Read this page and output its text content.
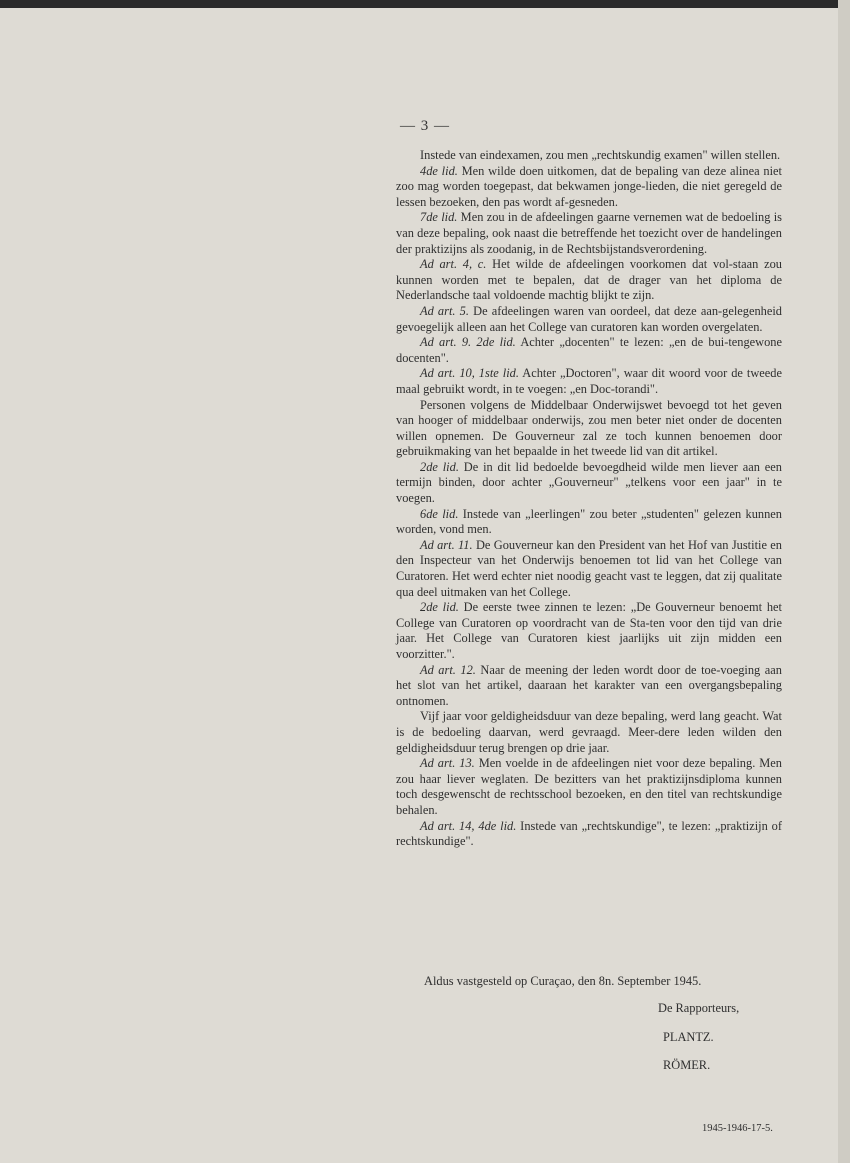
— 3 —

Instede van eindexamen, zou men „rechtskundig examen" willen stellen.

4de lid. Men wilde doen uitkomen, dat de bepaling van deze alinea niet zoo mag worden toegepast, dat bekwamen jonge-lieden, die niet geregeld de lessen bezoeken, den pas wordt af-gesneden.

7de lid. Men zou in de afdeelingen gaarne vernemen wat de bedoeling is van deze bepaling, ook naast die betreffende het toezicht over de handelingen der praktizijns als zoodanig, in de Rechtsbijstandsverordening.

Ad art. 4, c. Het wilde de afdeelingen voorkomen dat vol-staan zou kunnen worden met te bepalen, dat de drager van het diploma de Nederlandsche taal voldoende machtig blijkt te zijn.

Ad art. 5. De afdeelingen waren van oordeel, dat deze aan-gelegenheid gevoegelijk alleen aan het College van curatoren kan worden overgelaten.

Ad art. 9. 2de lid. Achter „docenten" te lezen: „en de bui-tengewone docenten".

Ad art. 10, 1ste lid. Achter „Doctoren", waar dit woord voor de tweede maal gebruikt wordt, in te voegen: „en Doc-torandi".

Personen volgens de Middelbaar Onderwijswet bevoegd tot het geven van hooger of middelbaar onderwijs, zou men beter niet onder de docenten willen opnemen. De Gouverneur zal ze toch kunnen benoemen door gebruikmaking van het bepaalde in het tweede lid van dit artikel.

2de lid. De in dit lid bedoelde bevoegdheid wilde men liever aan een termijn binden, door achter „Gouverneur" „telkens voor een jaar" in te voegen.

6de lid. Instede van „leerlingen" zou beter „studenten" gelezen kunnen worden, vond men.

Ad art. 11. De Gouverneur kan den President van het Hof van Justitie en den Inspecteur van het Onderwijs benoemen tot lid van het College van Curatoren. Het werd echter niet noodig geacht vast te leggen, dat zij qualitate qua deel uitmaken van het College.

2de lid. De eerste twee zinnen te lezen: „De Gouverneur benoemt het College van Curatoren op voordracht van de Sta-ten voor den tijd van drie jaar. Het College van Curatoren kiest jaarlijks uit zijn midden een voorzitter.".

Ad art. 12. Naar de meening der leden wordt door de toe-voeging aan het slot van het artikel, daaraan het karakter van een overgangsbepaling ontnomen.

Vijf jaar voor geldigheidsduur van deze bepaling, werd lang geacht. Wat is de bedoeling daarvan, werd gevraagd. Meer-dere leden wilden den geldigheidsduur terug brengen op drie jaar.

Ad art. 13. Men voelde in de afdeelingen niet voor deze bepaling. Men zou haar liever weglaten. De bezitters van het praktizijnsdiploma kunnen toch desgewenscht de rechtsschool bezoeken, en den titel van rechtskundige behalen.

Ad art. 14, 4de lid. Instede van „rechtskundige", te lezen: „praktizijn of rechtskundige".

Aldus vastgesteld op Curaçao, den 8n. September 1945.
De Rapporteurs,
PLANTZ.
RÖMER.
1945-1946-17-5.
